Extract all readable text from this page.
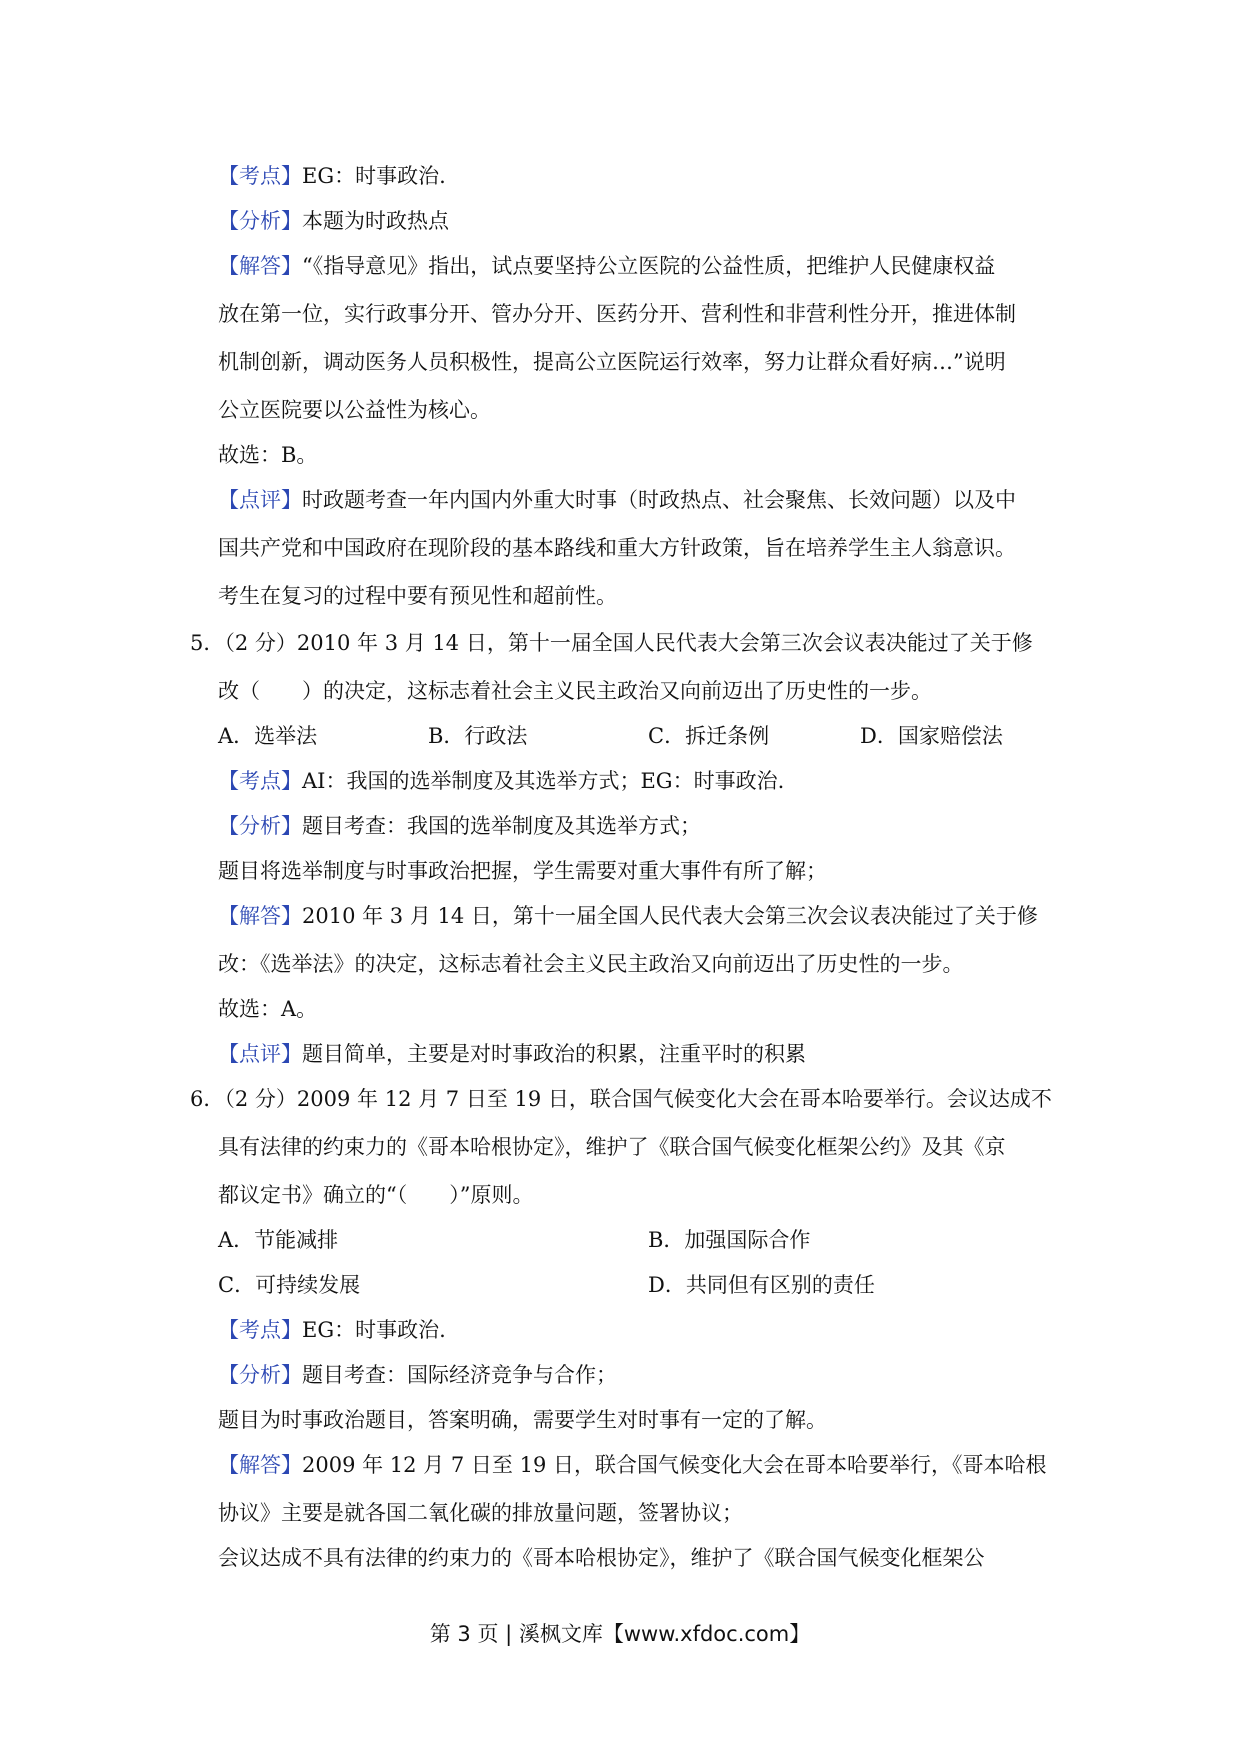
【考点】EG：时事政治.
【分析】本题为时政热点
【解答】“《指导意见》指出，试点要坚持公立医院的公益性质，把维护人民健康权益
放在第一位，实行政事分开、管办分开、医药分开、营利性和非营利性分开，推进体制
机制创新，调动医务人员积极性，提高公立医院运行效率，努力让群众看好病…”说明
公立医院要以公益性为核心。
故选：B。
【点评】时政题考查一年内国内外重大时事（时政热点、社会聚焦、长效问题）以及中
国共产党和中国政府在现阶段的基本路线和重大方针政策，旨在培养学生主人翁意识。
考生在复习的过程中要有预见性和超前性。
5．（2 分）2010 年 3 月 14 日，第十一届全国人民代表大会第三次会议表决能过了关于修
改（　　）的决定，这标志着社会主义民主政治又向前迈出了历史性的一步。
A．选举法	B．行政法	C．拆迁条例	D．国家赔偿法
【考点】AI：我国的选举制度及其选举方式；EG：时事政治.
【分析】题目考查：我国的选举制度及其选举方式；
题目将选举制度与时事政治把握，学生需要对重大事件有所了解；
【解答】2010 年 3 月 14 日，第十一届全国人民代表大会第三次会议表决能过了关于修
改：《选举法》的决定，这标志着社会主义民主政治又向前迈出了历史性的一步。
故选：A。
【点评】题目简单，主要是对时事政治的积累，注重平时的积累
6．（2 分）2009 年 12 月 7 日至 19 日，联合国气候变化大会在哥本哈要举行。会议达成不
具有法律的约束力的《哥本哈根协定》，维护了《联合国气候变化框架公约》及其《京
都议定书》确立的“（　　）”原则。
A．节能减排	B．加强国际合作
C．可持续发展	D．共同但有区别的责任
【考点】EG：时事政治.
【分析】题目考查：国际经济竞争与合作；
题目为时事政治题目，答案明确，需要学生对时事有一定的了解。
【解答】2009 年 12 月 7 日至 19 日，联合国气候变化大会在哥本哈要举行，《哥本哈根
协议》主要是就各国二氧化碳的排放量问题，签署协议；
会议达成不具有法律的约束力的《哥本哈根协定》，维护了《联合国气候变化框架公
第 3 页 | 溪枫文库【www.xfdoc.com】
